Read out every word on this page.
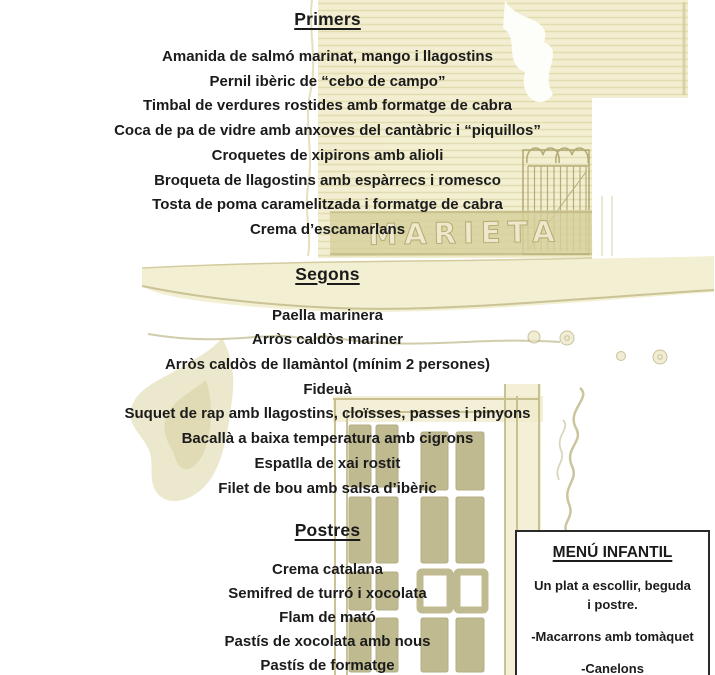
MARIETA
Primers
Amanida de salmó marinat, mango i llagostins
Pernil ibèric de “cebo de campo”
Timbal de verdures rostides amb formatge de cabra
Coca de pa de vidre amb anxoves del cantàbric i “piquillos”
Croquetes de xipirons amb alioli
Broqueta de llagostins amb espàrrecs i romesco
Tosta de poma caramelitzada i formatge de cabra
Crema d’escamarlans
Segons
Paella marinera
Arròs caldòs mariner
Arròs caldòs de llamàntol (mínim 2 persones)
Fideuà
Suquet de rap amb llagostins, cloïsses, passes i pinyons
Bacallà a baixa temperatura amb cigrons
Espatlla de xai rostit
Filet de bou amb salsa d’ibèric
Postres
Crema catalana
Semifred de turró i xocolata
Flam de mató
Pastís de xocolata amb nous
Pastís de formatge
MENÚ INFANTIL
Un plat a escollir, beguda i postre.
-Macarrons amb tomàquet
-Canelons
